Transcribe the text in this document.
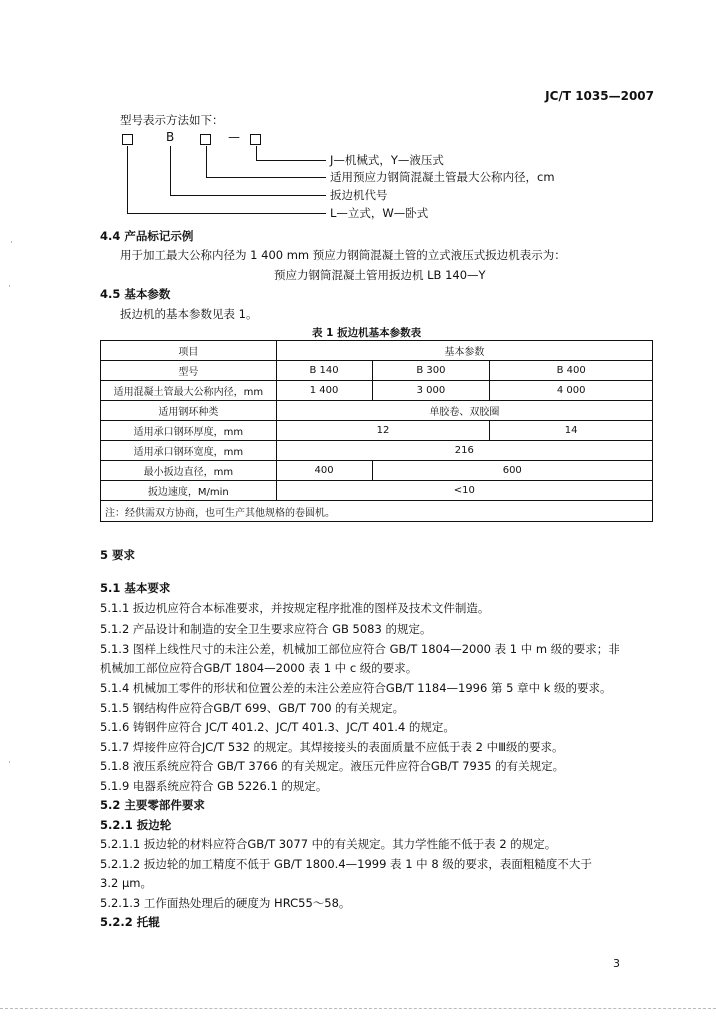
JC/T 1035—2007
型号表示方法如下：
B	—
J—机械式，Y—液压式
适用预应力钢筒混凝土管最大公称内径，cm
扳边机代号
L—立式，W—卧式
4.4 产品标记示例
用于加工最大公称内径为 1 400 mm 预应力钢筒混凝土管的立式液压式扳边机表示为：
预应力钢筒混凝土管用扳边机 LB 140—Y
4.5 基本参数
扳边机的基本参数见表 1。
表 1 扳边机基本参数表
项目	基本参数		
型号	B 140	B 300	B 400
适用混凝土管最大公称内径，mm	1 400	3 000	4 000
适用钢环种类	单胶卷、双胶圈		
适用承口钢环厚度，mm	12		14
适用承口钢环宽度，mm	216		
最小扳边直径，mm	400	600	
扳边速度，M/min	<10		
注：经供需双方协商，也可生产其他规格的卷圆机。			
5 要求
5.1 基本要求
5.1.1 扳边机应符合本标准要求，并按规定程序批准的图样及技术文件制造。
5.1.2 产品设计和制造的安全卫生要求应符合 GB 5083 的规定。
5.1.3 图样上线性尺寸的未注公差，机械加工部位应符合 GB/T 1804—2000 表 1 中 m 级的要求；非
机械加工部位应符合GB/T 1804—2000 表 1 中 c 级的要求。
5.1.4 机械加工零件的形状和位置公差的未注公差应符合GB/T 1184—1996 第 5 章中 k 级的要求。
5.1.5 钢结构件应符合GB/T 699、GB/T 700 的有关规定。
5.1.6 铸钢件应符合 JC/T 401.2、JC/T 401.3、JC/T 401.4 的规定。
5.1.7 焊接件应符合JC/T 532 的规定。其焊接接头的表面质量不应低于表 2 中Ⅲ级的要求。
5.1.8 液压系统应符合 GB/T 3766 的有关规定。液压元件应符合GB/T 7935 的有关规定。
5.1.9 电器系统应符合 GB 5226.1 的规定。
5.2 主要零部件要求
5.2.1 扳边轮
5.2.1.1 扳边轮的材料应符合GB/T 3077 中的有关规定。其力学性能不低于表 2 的规定。
5.2.1.2 扳边轮的加工精度不低于 GB/T 1800.4—1999 表 1 中 8 级的要求，表面粗糙度不大于
3.2 μm。
5.2.1.3 工作面热处理后的硬度为 HRC55～58。
5.2.2 托辊
3
·
·
·
